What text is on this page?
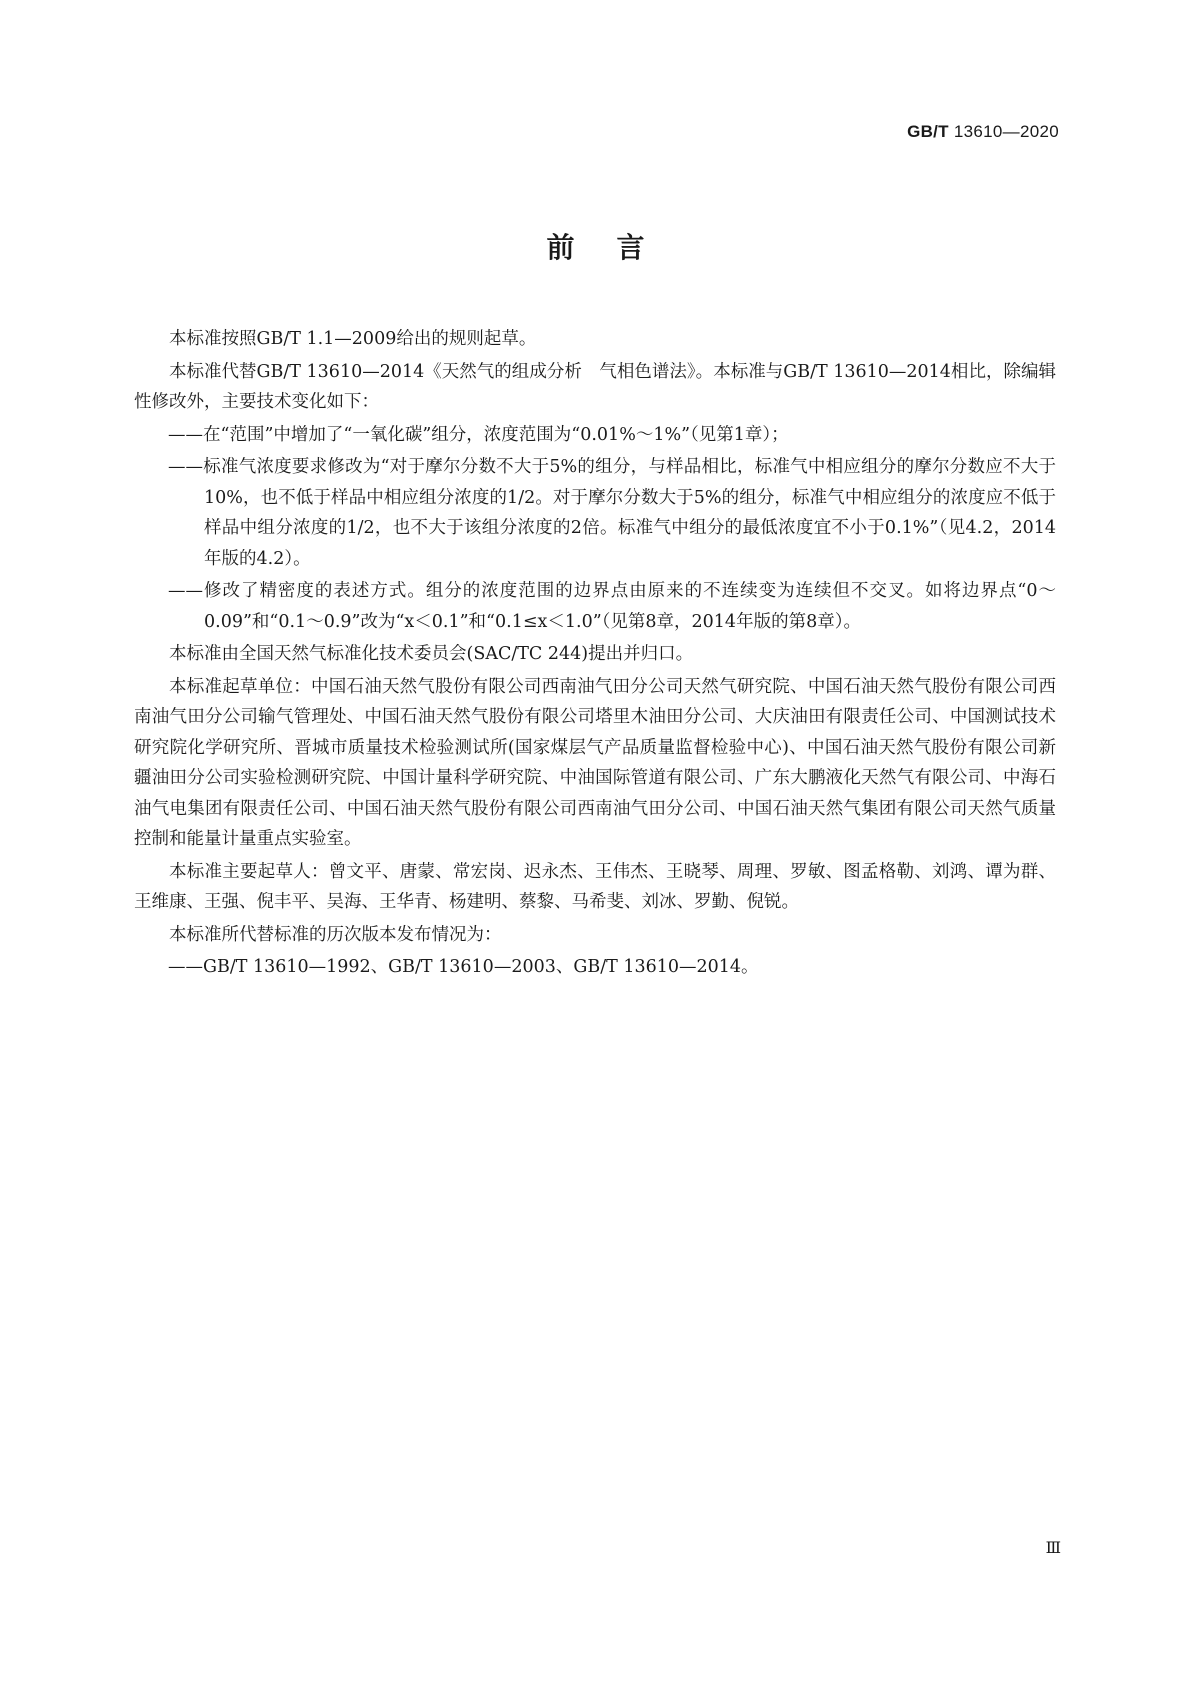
GB/T 13610—2020
前言

本标准按照GB/T 1.1—2009给出的规则起草。

本标准代替GB/T 13610—2014《天然气的组成分析　气相色谱法》。本标准与GB/T 13610—2014相比，除编辑性修改外，主要技术变化如下：

——在“范围”中增加了“一氧化碳”组分，浓度范围为“0.01%～1%”（见第1章）；

——标准气浓度要求修改为“对于摩尔分数不大于5%的组分，与样品相比，标准气中相应组分的摩尔分数应不大于10%，也不低于样品中相应组分浓度的1/2。对于摩尔分数大于5%的组分，标准气中相应组分的浓度应不低于样品中组分浓度的1/2，也不大于该组分浓度的2倍。标准气中组分的最低浓度宜不小于0.1%”（见4.2，2014年版的4.2）。

——修改了精密度的表述方式。组分的浓度范围的边界点由原来的不连续变为连续但不交叉。如将边界点“0～0.09”和“0.1～0.9”改为“x＜0.1”和“0.1≤x＜1.0”（见第8章，2014年版的第8章）。

本标准由全国天然气标准化技术委员会(SAC/TC 244)提出并归口。

本标准起草单位：中国石油天然气股份有限公司西南油气田分公司天然气研究院、中国石油天然气股份有限公司西南油气田分公司输气管理处、中国石油天然气股份有限公司塔里木油田分公司、大庆油田有限责任公司、中国测试技术研究院化学研究所、晋城市质量技术检验测试所(国家煤层气产品质量监督检验中心)、中国石油天然气股份有限公司新疆油田分公司实验检测研究院、中国计量科学研究院、中油国际管道有限公司、广东大鹏液化天然气有限公司、中海石油气电集团有限责任公司、中国石油天然气股份有限公司西南油气田分公司、中国石油天然气集团有限公司天然气质量控制和能量计量重点实验室。

本标准主要起草人：曾文平、唐蒙、常宏岗、迟永杰、王伟杰、王晓琴、周理、罗敏、图孟格勒、刘鸿、谭为群、王维康、王强、倪丰平、吴海、王华青、杨建明、蔡黎、马希斐、刘冰、罗勤、倪锐。

本标准所代替标准的历次版本发布情况为：

——GB/T 13610—1992、GB/T 13610—2003、GB/T 13610—2014。

Ⅲ
